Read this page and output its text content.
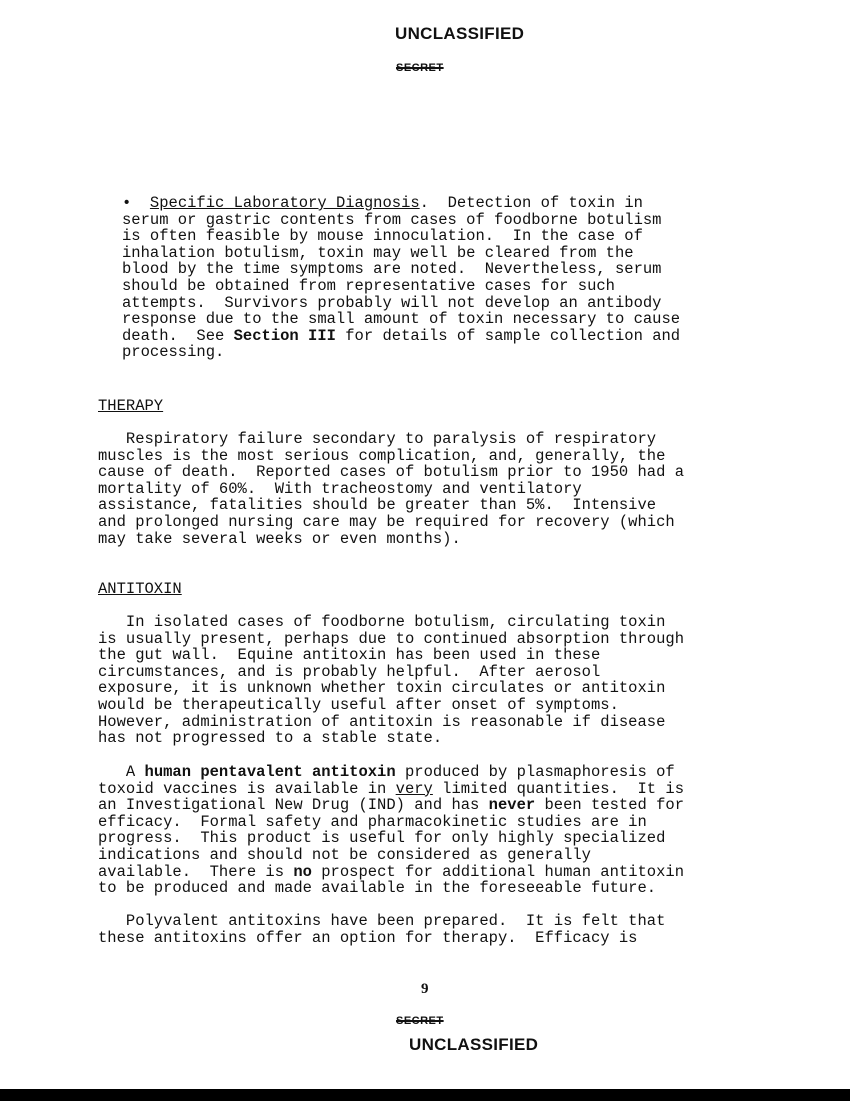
UNCLASSIFIED
SECRET
• Specific Laboratory Diagnosis.  Detection of toxin in
serum or gastric contents from cases of foodborne botulism
is often feasible by mouse innoculation.  In the case of
inhalation botulism, toxin may well be cleared from the
blood by the time symptoms are noted.  Nevertheless, serum
should be obtained from representative cases for such
attempts.  Survivors probably will not develop an antibody
response due to the small amount of toxin necessary to cause
death.  See Section III for details of sample collection and
processing.
THERAPY
Respiratory failure secondary to paralysis of respiratory
muscles is the most serious complication, and, generally, the
cause of death.  Reported cases of botulism prior to 1950 had a
mortality of 60%.  With tracheostomy and ventilatory
assistance, fatalities should be greater than 5%.  Intensive
and prolonged nursing care may be required for recovery (which
may take several weeks or even months).
ANTITOXIN
In isolated cases of foodborne botulism, circulating toxin
is usually present, perhaps due to continued absorption through
the gut wall.  Equine antitoxin has been used in these
circumstances, and is probably helpful.  After aerosol
exposure, it is unknown whether toxin circulates or antitoxin
would be therapeutically useful after onset of symptoms.
However, administration of antitoxin is reasonable if disease
has not progressed to a stable state.
A human pentavalent antitoxin produced by plasmaphoresis of
toxoid vaccines is available in very limited quantities.  It is
an Investigational New Drug (IND) and has never been tested for
efficacy.  Formal safety and pharmacokinetic studies are in
progress.  This product is useful for only highly specialized
indications and should not be considered as generally
available.  There is no prospect for additional human antitoxin
to be produced and made available in the foreseeable future.
Polyvalent antitoxins have been prepared.  It is felt that
these antitoxins offer an option for therapy.  Efficacy is
9
SECRET
UNCLASSIFIED
